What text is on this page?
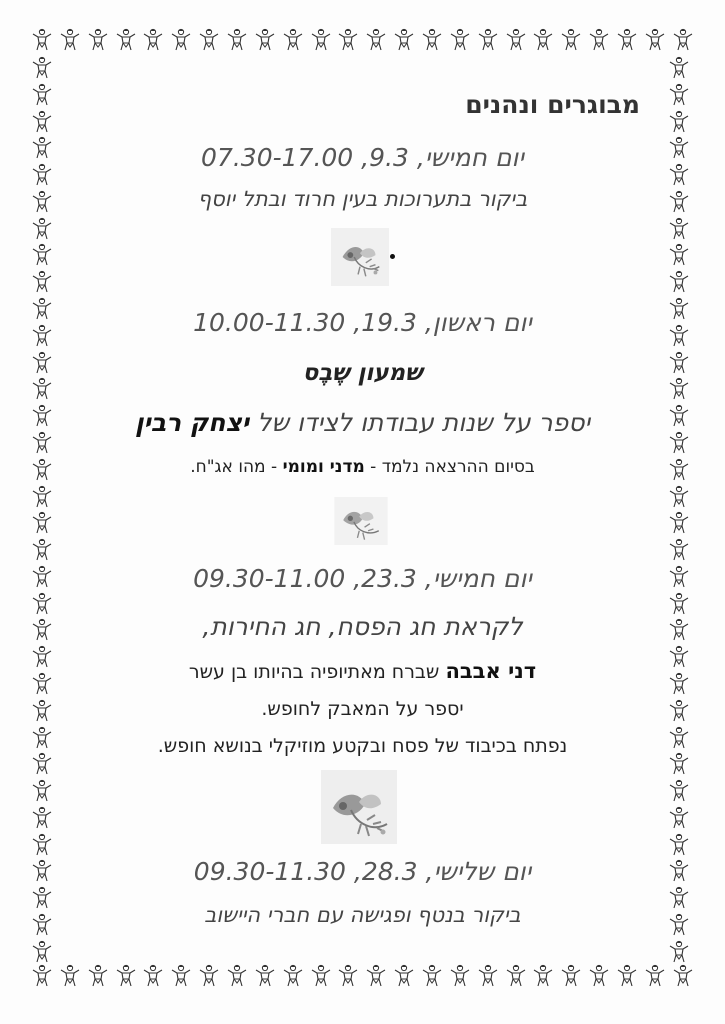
מבוגרים ונהנים
יום חמישי, 9.3, 07.30-17.00
ביקור בתערוכות בעין חרוד ובתל יוסף
יום ראשון, 19.3, 10.00-11.30
שמעון שֶבֶס
יספר על שנות עבודתו לצידו של יצחק רבין
בסיום ההרצאה נלמד - מדני ומומי - מהו אג"ח.
יום חמישי, 23.3, 09.30-11.00
לקראת חג הפסח, חג החירות,
דני אבבה שברח מאתיופיה בהיותו בן עשר
יספר על המאבק לחופש.
נפתח בכיבוד של פסח ובקטע מוזיקלי בנושא חופש.
יום שלישי, 28.3, 09.30-11.30
ביקור בנטף ופגישה עם חברי היישוב
